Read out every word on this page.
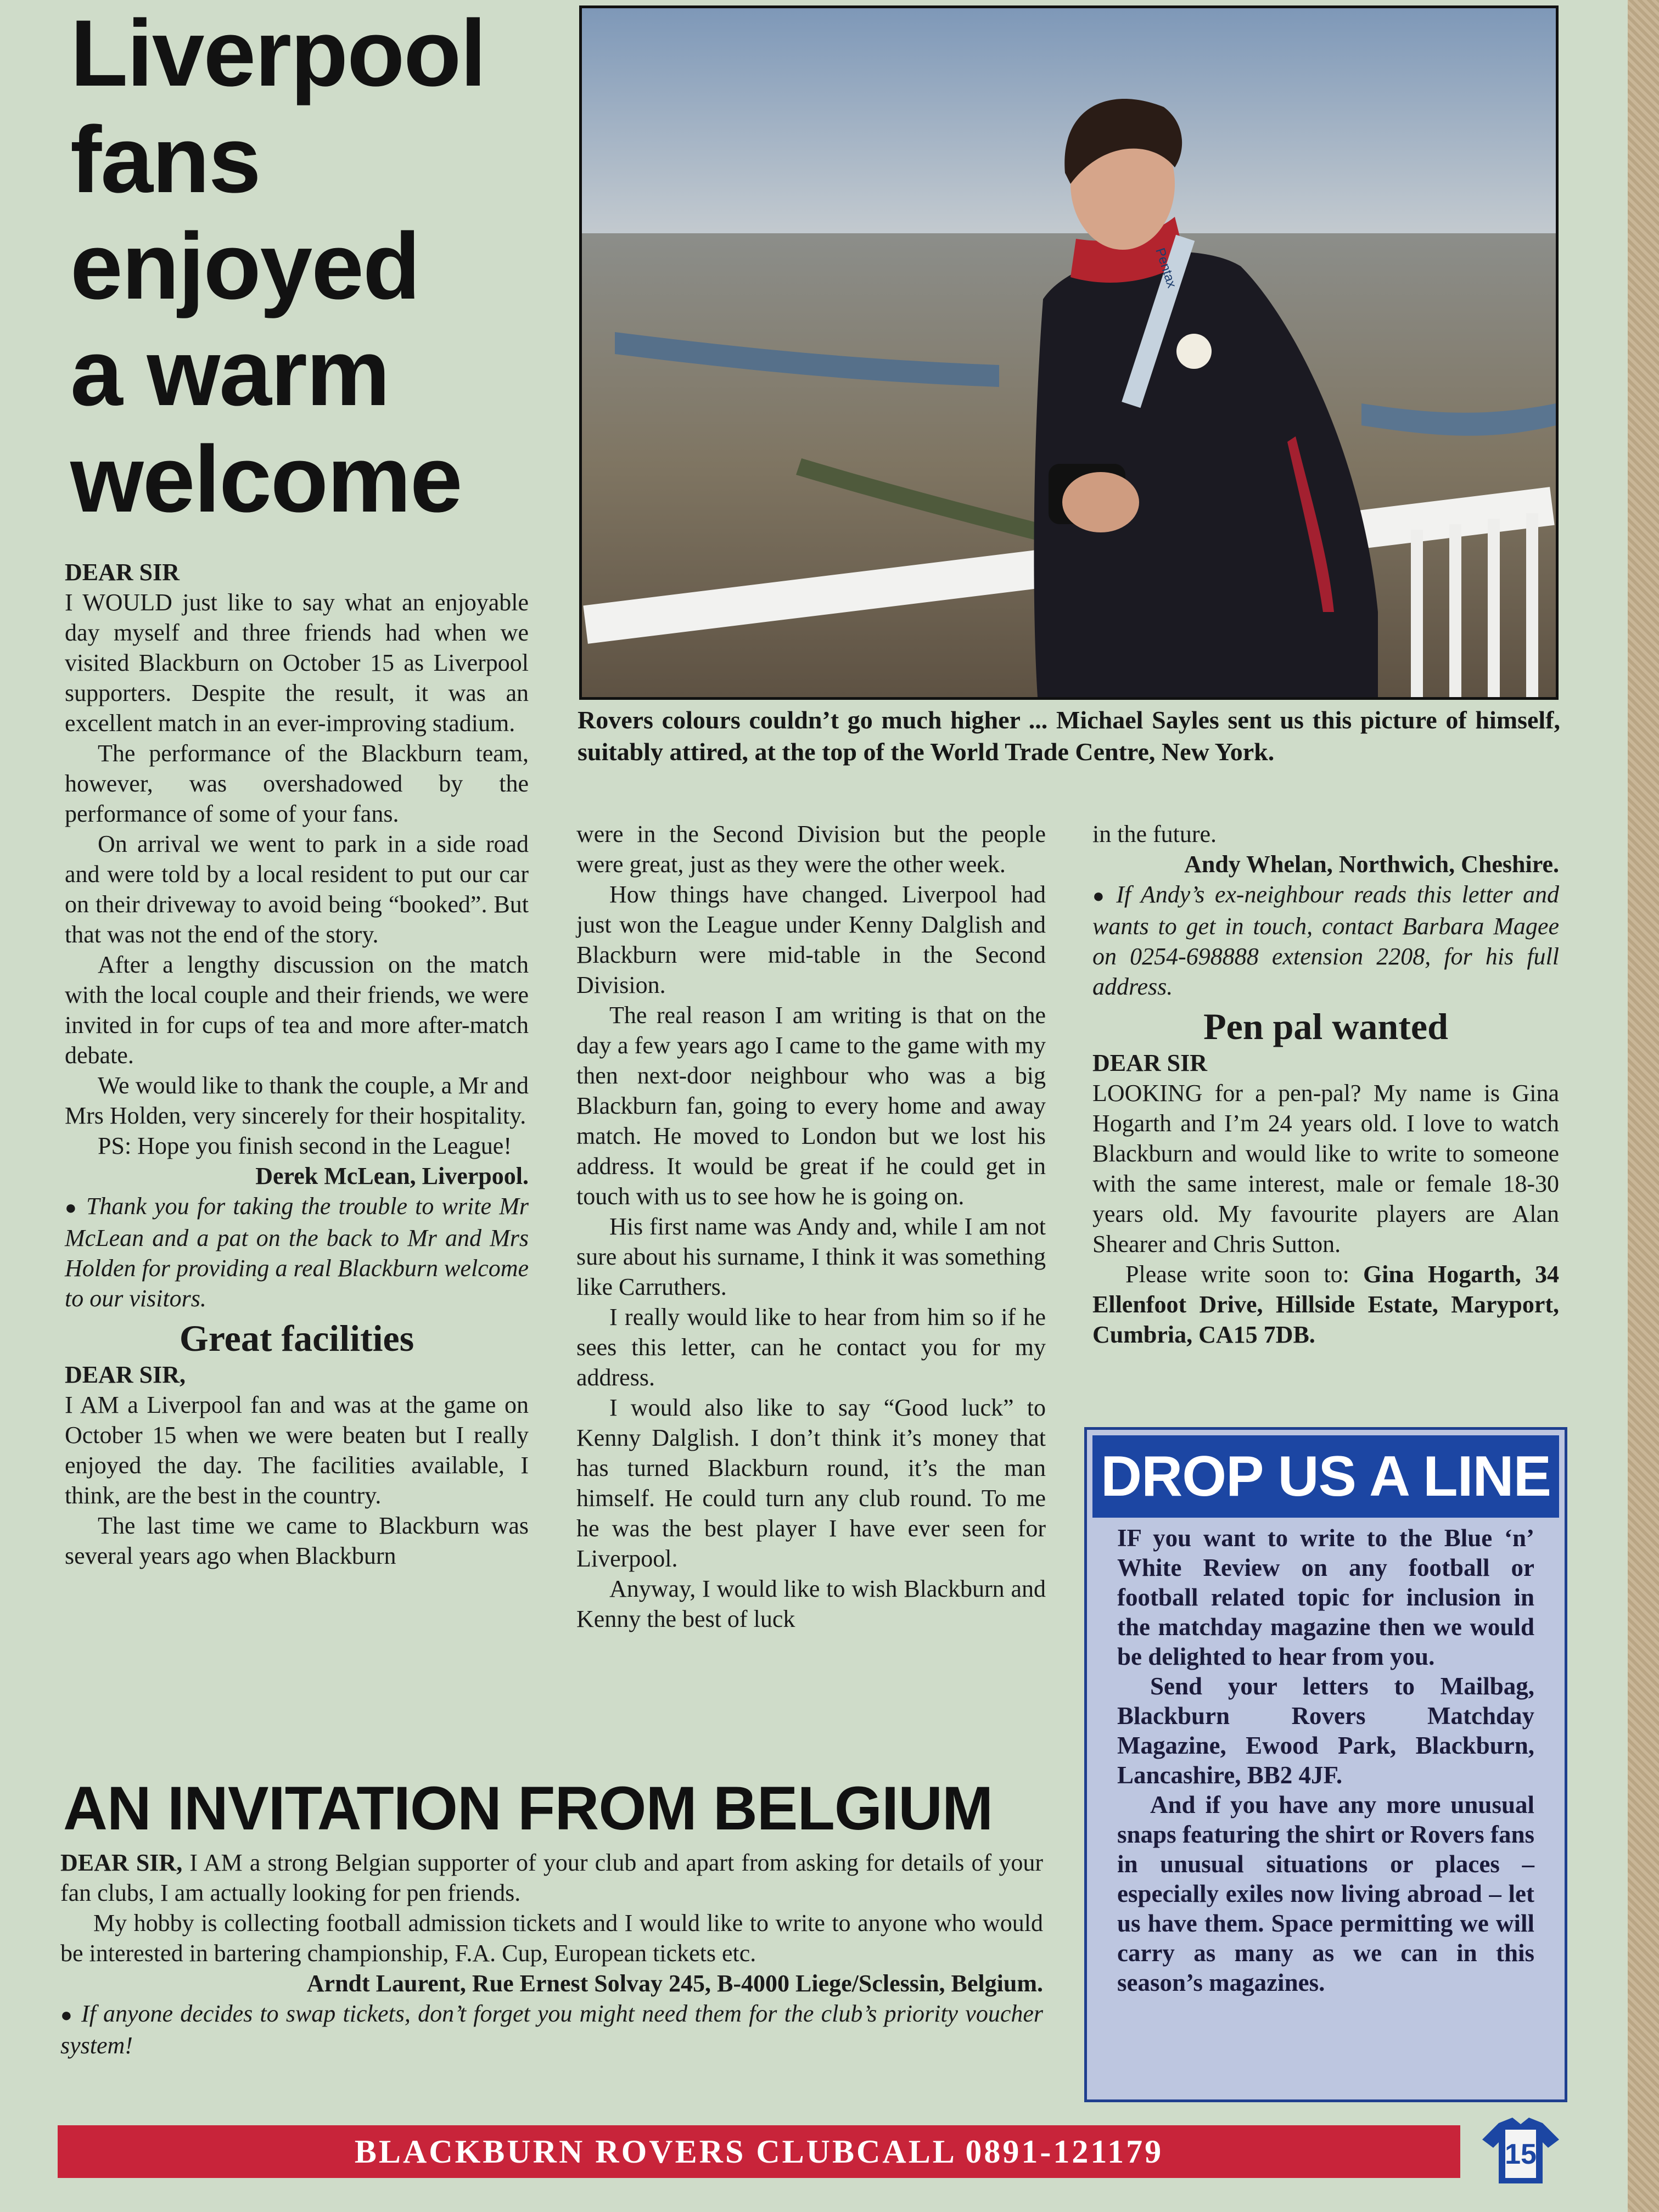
Liverpool
fans
enjoyed
a warm
welcome
Pentax
Rovers colours couldn’t go much higher ... Michael Sayles sent us this picture of himself, suitably attired, at the top of the World Trade Centre, New York.

DEAR SIR

I WOULD just like to say what an enjoyable day myself and three friends had when we visited Blackburn on October 15 as Liverpool supporters. Despite the result, it was an excellent match in an ever-improving stadium.

The performance of the Blackburn team, however, was overshadowed by the performance of some of your fans.

On arrival we went to park in a side road and were told by a local resident to put our car on their driveway to avoid being “booked”. But that was not the end of the story.

After a lengthy discussion on the match with the local couple and their friends, we were invited in for cups of tea and more after-match debate.

We would like to thank the couple, a Mr and Mrs Holden, very sincerely for their hospitality.

PS: Hope you finish second in the League!

Derek McLean, Liverpool.

● Thank you for taking the trouble to write Mr McLean and a pat on the back to Mr and Mrs Holden for providing a real Blackburn welcome to our visitors.

Great facilities

DEAR SIR,

I AM a Liverpool fan and was at the game on October 15 when we were beaten but I really enjoyed the day. The facilities available, I think, are the best in the country.

The last time we came to Blackburn was several years ago when Blackburn

were in the Second Division but the people were great, just as they were the other week.

How things have changed. Liverpool had just won the League under Kenny Dalglish and Blackburn were mid-table in the Second Division.

The real reason I am writing is that on the day a few years ago I came to the game with my then next-door neighbour who was a big Blackburn fan, going to every home and away match. He moved to London but we lost his address. It would be great if he could get in touch with us to see how he is going on.

His first name was Andy and, while I am not sure about his surname, I think it was something like Carruthers.

I really would like to hear from him so if he sees this letter, can he contact you for my address.

I would also like to say “Good luck” to Kenny Dalglish. I don’t think it’s money that has turned Blackburn round, it’s the man himself. He could turn any club round. To me he was the best player I have ever seen for Liverpool.

Anyway, I would like to wish Blackburn and Kenny the best of luck

in the future.

Andy Whelan, Northwich, Cheshire.

● If Andy’s ex-neighbour reads this letter and wants to get in touch, contact Barbara Magee on 0254-698888 extension 2208, for his full address.

Pen pal wanted

DEAR SIR

LOOKING for a pen-pal? My name is Gina Hogarth and I’m 24 years old. I love to watch Blackburn and would like to write to someone with the same interest, male or female 18-30 years old. My favourite players are Alan Shearer and Chris Sutton.

Please write soon to: Gina Hogarth, 34 Ellenfoot Drive, Hillside Estate, Maryport, Cumbria, CA15 7DB.

DROP US A LINE

IF you want to write to the Blue ‘n’ White Review on any football or football related topic for inclusion in the matchday magazine then we would be delighted to hear from you.

Send your letters to Mailbag, Blackburn Rovers Matchday Magazine, Ewood Park, Blackburn, Lancashire, BB2 4JF.

And if you have any more unusual snaps featuring the shirt or Rovers fans in unusual situations or places – especially exiles now living abroad – let us have them. Space permitting we will carry as many as we can in this season’s magazines.

AN INVITATION FROM BELGIUM

DEAR SIR, I AM a strong Belgian supporter of your club and apart from asking for details of your fan clubs, I am actually looking for pen friends.

My hobby is collecting football admission tickets and I would like to write to anyone who would be interested in bartering championship, F.A. Cup, European tickets etc.

Arndt Laurent, Rue Ernest Solvay 245, B-4000 Liege/Sclessin, Belgium.

● If anyone decides to swap tickets, don’t forget you might need them for the club’s priority voucher system!

BLACKBURN ROVERS CLUBCALL 0891-121179	15
